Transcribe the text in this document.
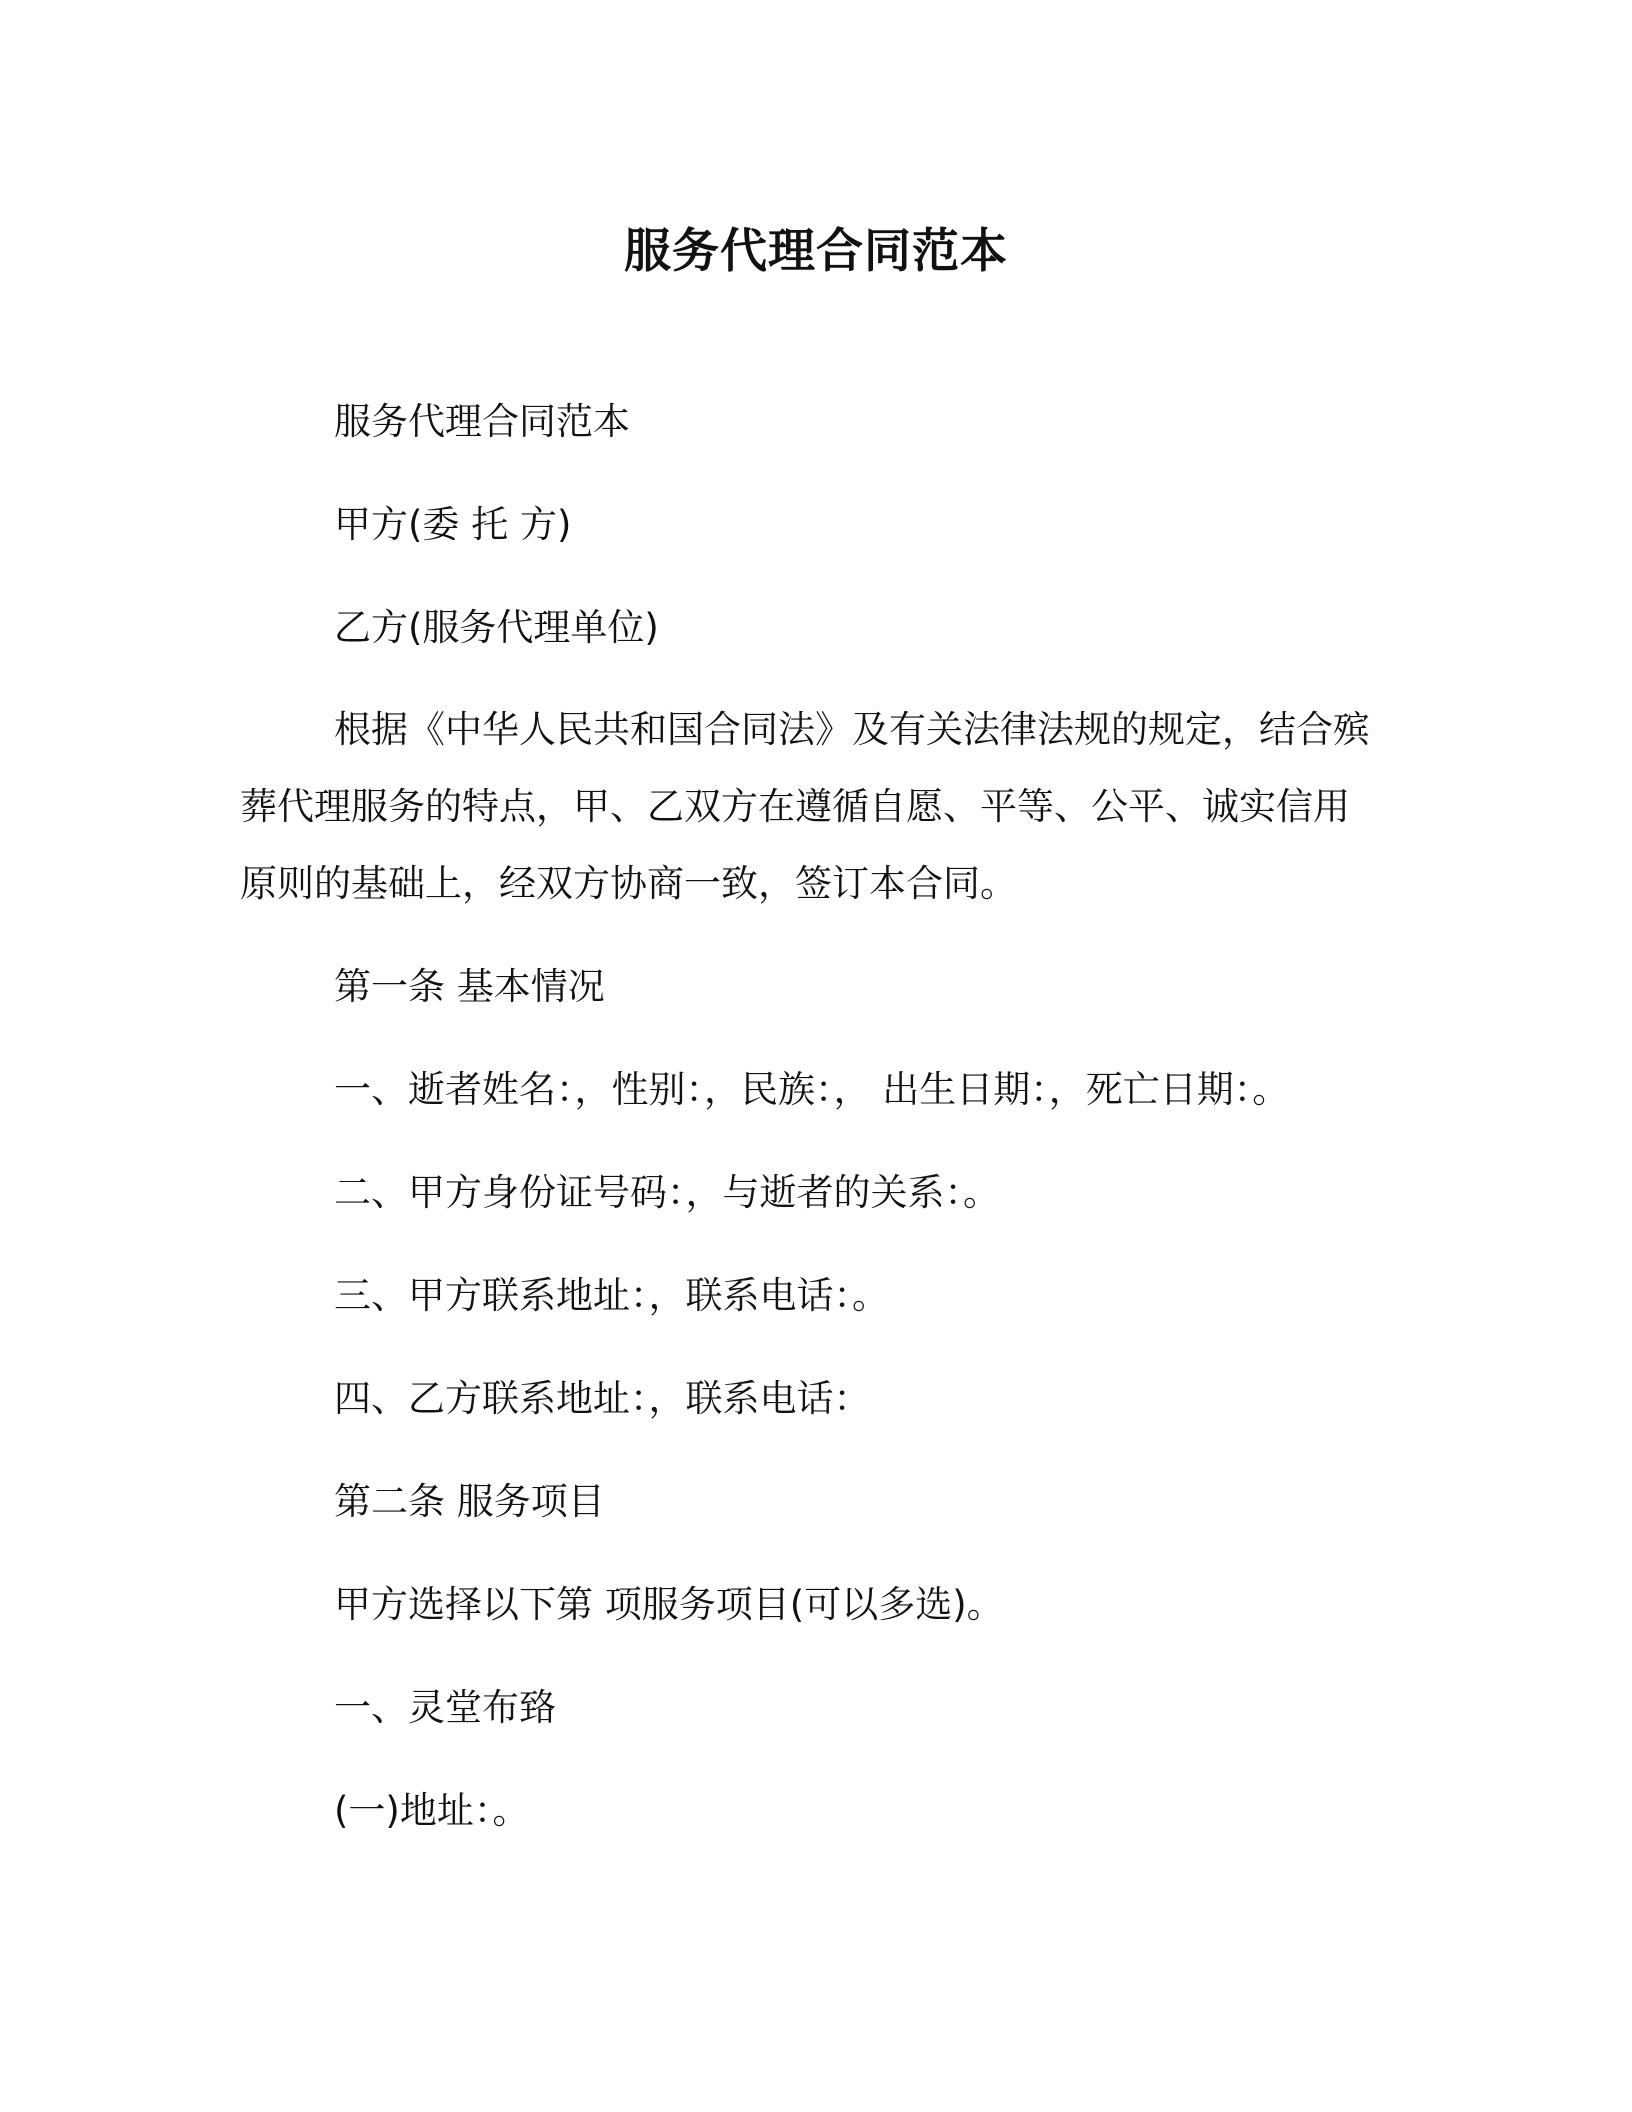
服务代理合同范本

服务代理合同范本

甲方(委 托 方)

乙方(服务代理单位)

根据《中华人民共和国合同法》及有关法律法规的规定，结合殡

葬代理服务的特点，甲、乙双方在遵循自愿、平等、公平、诚实信用

原则的基础上，经双方协商一致，签订本合同。

第一条 基本情况

一、逝者姓名：，性别：，民族：， 出生日期：，死亡日期：。

二、甲方身份证号码：，与逝者的关系：。

三、甲方联系地址：，联系电话：。

四、乙方联系地址：，联系电话：

第二条 服务项目

甲方选择以下第 项服务项目(可以多选)。

一、灵堂布臵

(一)地址：。
